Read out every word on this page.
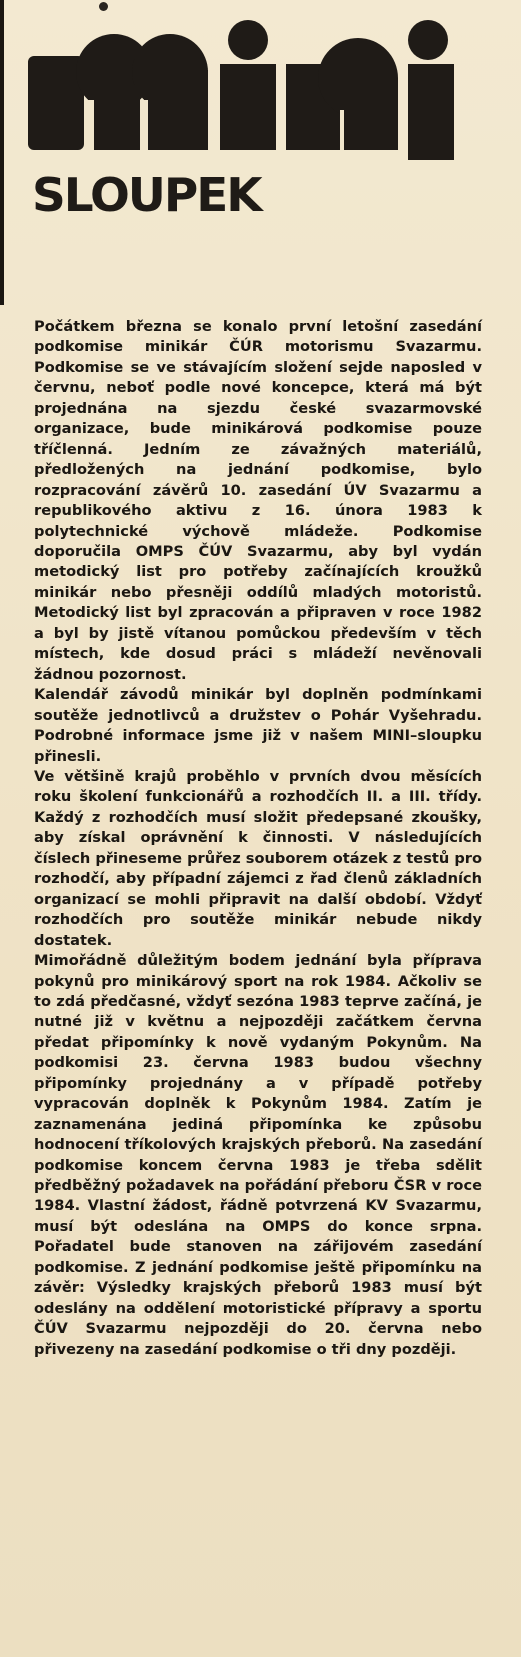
SLOUPEK

Počátkem března se konalo první letošní zasedání podkomise minikár ČÚR motorismu Svazarmu. Podkomise se ve stávajícím složení sejde naposled v červnu, neboť podle nové koncepce, která má být projednána na sjezdu české svazarmovské organizace, bude minikárová podkomise pouze tříčlenná. Jedním ze závažných materiálů, předložených na jednání podkomise, bylo rozpracování závěrů 10. zasedání ÚV Svazarmu a republikového aktivu z 16. února 1983 k polytechnické výchově mládeže. Podkomise doporučila OMPS ČÚV Svazarmu, aby byl vydán metodický list pro potřeby začínajících kroužků minikár nebo přesněji oddílů mladých motoristů. Metodický list byl zpracován a připraven v roce 1982 a byl by jistě vítanou pomůckou především v těch místech, kde dosud práci s mládeží nevěnovali žádnou pozornost.

Kalendář závodů minikár byl doplněn podmínkami soutěže jednotlivců a družstev o Pohár Vyšehradu. Podrobné informace jsme již v našem MINI–sloupku přinesli.

Ve většině krajů proběhlo v prvních dvou měsících roku školení funkcionářů a rozhodčích II. a III. třídy. Každý z rozhodčích musí složit předepsané zkoušky, aby získal oprávnění k činnosti. V následujících číslech přineseme průřez souborem otázek z testů pro rozhodčí, aby případní zájemci z řad členů základních organizací se mohli připravit na další období. Vždyť rozhodčích pro soutěže minikár nebude nikdy dostatek.

Mimořádně důležitým bodem jednání byla příprava pokynů pro minikárový sport na rok 1984. Ačkoliv se to zdá předčasné, vždyť sezóna 1983 teprve začíná, je nutné již v květnu a nejpozději začátkem června předat připomínky k nově vydaným Pokynům. Na podkomisi 23. června 1983 budou všechny připomínky projednány a v případě potřeby vypracován doplněk k Pokynům 1984. Zatím je zaznamenána jediná připomínka ke způsobu hodnocení tříkolových krajských přeborů. Na zasedání podkomise koncem června 1983 je třeba sdělit předběžný požadavek na pořádání přeboru ČSR v roce 1984. Vlastní žádost, řádně potvrzená KV Svazarmu, musí být odeslána na OMPS do konce srpna. Pořadatel bude stanoven na zářijovém zasedání podkomise. Z jednání podkomise ještě připomínku na závěr: Výsledky krajských přeborů 1983 musí být odeslány na oddělení motoristické přípravy a sportu ČÚV Svazarmu nejpozději do 20. června nebo přivezeny na zasedání podkomise o tři dny později.
